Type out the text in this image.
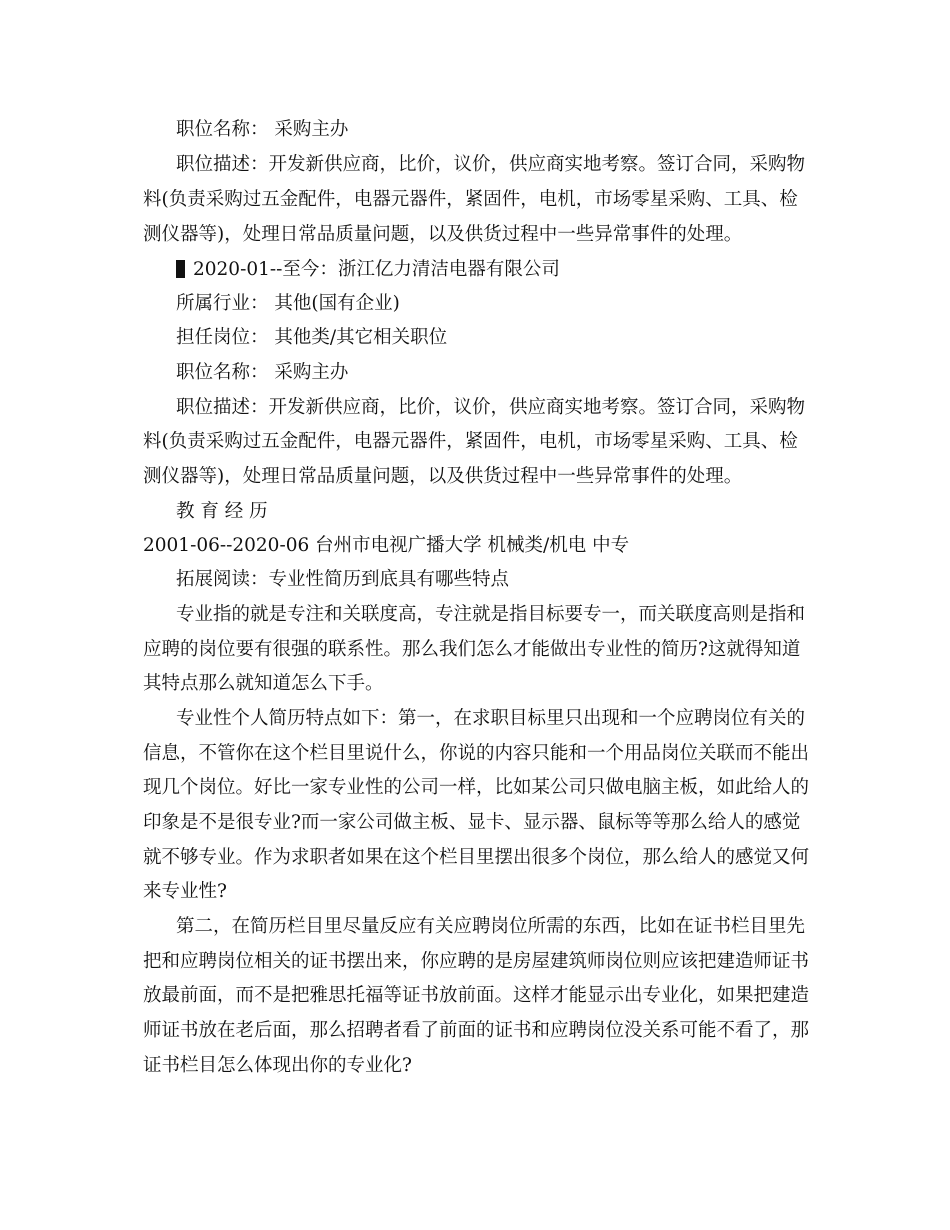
职位名称： 采购主办
职位描述：开发新供应商，比价，议价，供应商实地考察。签订合同，采购物
料(负责采购过五金配件，电器元器件，紧固件，电机，市场零星采购、工具、检
测仪器等)，处理日常品质量问题，以及供货过程中一些异常事件的处理。
2020-01--至今：浙江亿力清洁电器有限公司
所属行业： 其他(国有企业)
担任岗位： 其他类/其它相关职位
职位名称： 采购主办
职位描述：开发新供应商，比价，议价，供应商实地考察。签订合同，采购物
料(负责采购过五金配件，电器元器件，紧固件，电机，市场零星采购、工具、检
测仪器等)，处理日常品质量问题，以及供货过程中一些异常事件的处理。
教 育 经 历
2001-06--2020-06 台州市电视广播大学 机械类/机电 中专
拓展阅读：专业性简历到底具有哪些特点
专业指的就是专注和关联度高，专注就是指目标要专一，而关联度高则是指和
应聘的岗位要有很强的联系性。那么我们怎么才能做出专业性的简历?这就得知道
其特点那么就知道怎么下手。
专业性个人简历特点如下：第一，在求职目标里只出现和一个应聘岗位有关的
信息，不管你在这个栏目里说什么，你说的内容只能和一个用品岗位关联而不能出
现几个岗位。好比一家专业性的公司一样，比如某公司只做电脑主板，如此给人的
印象是不是很专业?而一家公司做主板、显卡、显示器、鼠标等等那么给人的感觉
就不够专业。作为求职者如果在这个栏目里摆出很多个岗位，那么给人的感觉又何
来专业性?
第二，在简历栏目里尽量反应有关应聘岗位所需的东西，比如在证书栏目里先
把和应聘岗位相关的证书摆出来，你应聘的是房屋建筑师岗位则应该把建造师证书
放最前面，而不是把雅思托福等证书放前面。这样才能显示出专业化，如果把建造
师证书放在老后面，那么招聘者看了前面的证书和应聘岗位没关系可能不看了，那
证书栏目怎么体现出你的专业化?
